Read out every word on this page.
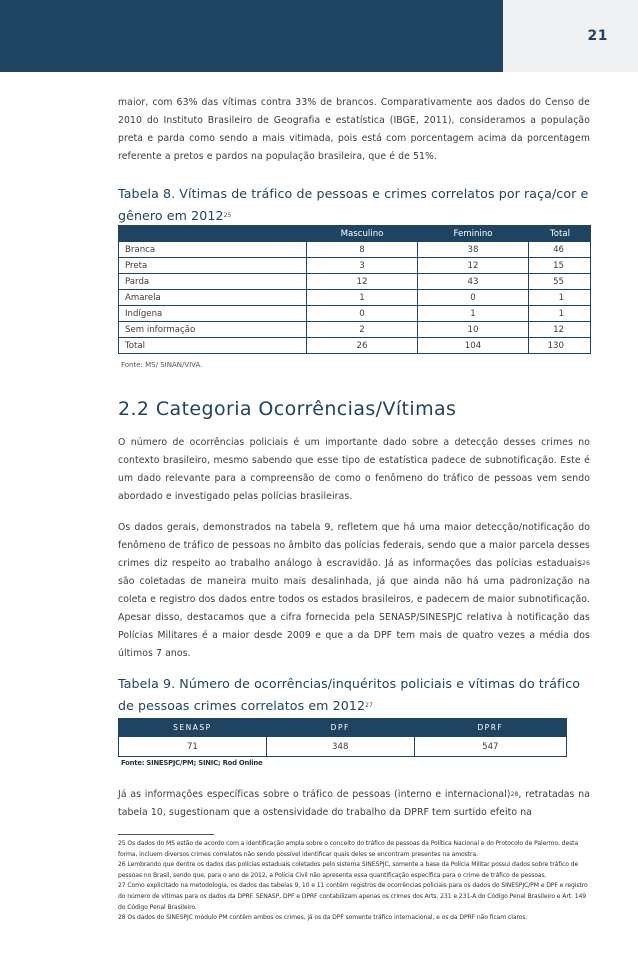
21

maior, com 63% das vítimas contra 33% de brancos. Comparativamente aos dados do Censo de 2010 do Instituto Brasileiro de Geografia e estatística (IBGE, 2011), consideramos a população preta e parda como sendo a mais vitimada, pois está com porcentagem acima da porcentagem referente a pretos e pardos na população brasileira, que é de 51%.

Tabela 8. Vítimas de tráfico de pessoas e crimes correlatos por raça/cor e gênero em 2012$^{25}$
	Masculino	Feminino	Total
Branca	8	38	46
Preta	3	12	15
Parda	12	43	55
Amarela	1	0	1
Indígena	0	1	1
Sem informação	2	10	12
Total	26	104	130
Fonte: MS/ SINAN/VIVA.
2.2 Categoria Ocorrências/Vítimas

O número de ocorrências policiais é um importante dado sobre a detecção desses crimes no contexto brasileiro, mesmo sabendo que esse tipo de estatística padece de subnotificação. Este é um dado relevante para a compreensão de como o fenômeno do tráfico de pessoas vem sendo abordado e investigado pelas polícias brasileiras.

Os dados gerais, demonstrados na tabela 9, refletem que há uma maior detecção/notificação do fenômeno de tráfico de pessoas no âmbito das polícias federais, sendo que a maior parcela desses crimes diz respeito ao trabalho análogo à escravidão. Já as informações das polícias estaduais$^{26}$ são coletadas de maneira muito mais desalinhada, já que ainda não há uma padronização na coleta e registro dos dados entre todos os estados brasileiros, e padecem de maior subnotificação. Apesar disso, destacamos que a cifra fornecida pela SENASP/SINESPJC relativa à notificação das Polícias Militares é a maior desde 2009 e que a da DPF tem mais de quatro vezes a média dos últimos 7 anos.

Tabela 9. Número de ocorrências/inquéritos policiais e vítimas do tráfico de pessoas crimes correlatos em 2012$^{27}$
SENASP	DPF	DPRF
71	348	547
Fonte: SINESPJC/PM; SINIC; Rod Online

Já as informações específicas sobre o tráfico de pessoas (interno e internacional)$^{28}$, retratadas na tabela 10, sugestionam que a ostensividade do trabalho da DPRF tem surtido efeito na

25 Os dados do MS estão de acordo com a identificação ampla sobre o conceito do tráfico de pessoas da Política Nacional e do Protocolo de Palermo, desta forma, incluem diversos crimes correlatos não sendo possível identificar quais deles se encontram presentes na amostra.
26 Lembrando que dentre os dados das polícias estaduais coletados pelo sistema SINESPJC, somente a base da Polícia Militar possui dados sobre tráfico de pessoas no Brasil, sendo que, para o ano de 2012, a Polícia Civil não apresenta essa quantificação específica para o crime de tráfico de pessoas.
27 Como explicitado na metodologia, os dados das tabelas 9, 10 e 11 contêm registros de ocorrências policiais para os dados do SINESPJC/PM e DPF e registro do número de vítimas para os dados da DPRF. SENASP, DPF e DPRF contabilizam apenas os crimes dos Arts. 231 e 231-A do Código Penal Brasileiro e Art. 149 do Código Penal Brasileiro.
28 Os dados do SINESPJC módulo PM contêm ambos os crimes, já os da DPF somente tráfico internacional, e os da DPRF não ficam claros.
